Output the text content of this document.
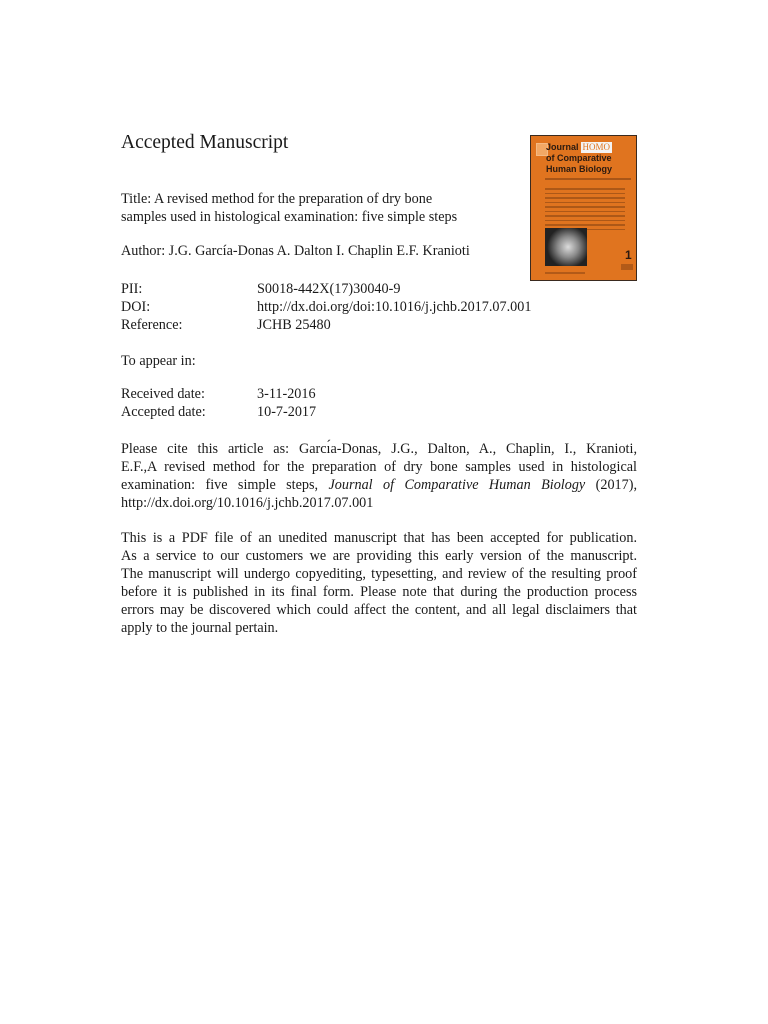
Accepted Manuscript
Title: A revised method for the preparation of dry bone
samples used in histological examination: five simple steps
Author: J.G. García-Donas A. Dalton I. Chaplin E.F. Kranioti
PII:	S0018-442X(17)30040-9
DOI:	http://dx.doi.org/doi:10.1016/j.jchb.2017.07.001
Reference:	JCHB 25480
To appear in:
Received date:	3-11-2016
Accepted date:	10-7-2017
Please cite this article as: Garcı́a-Donas, J.G., Dalton, A., Chaplin, I., Kranioti,
E.F.,A revised method for the preparation of dry bone samples used in histological
examination: five simple steps, Journal of Comparative Human Biology (2017),
http://dx.doi.org/10.1016/j.jchb.2017.07.001
This is a PDF file of an unedited manuscript that has been accepted for publication.
As a service to our customers we are providing this early version of the manuscript.
The manuscript will undergo copyediting, typesetting, and review of the resulting proof
before it is published in its final form. Please note that during the production process
errors may be discovered which could affect the content, and all legal disclaimers that
apply to the journal pertain.
Journal HOMO
of Comparative
Human Biology
1
